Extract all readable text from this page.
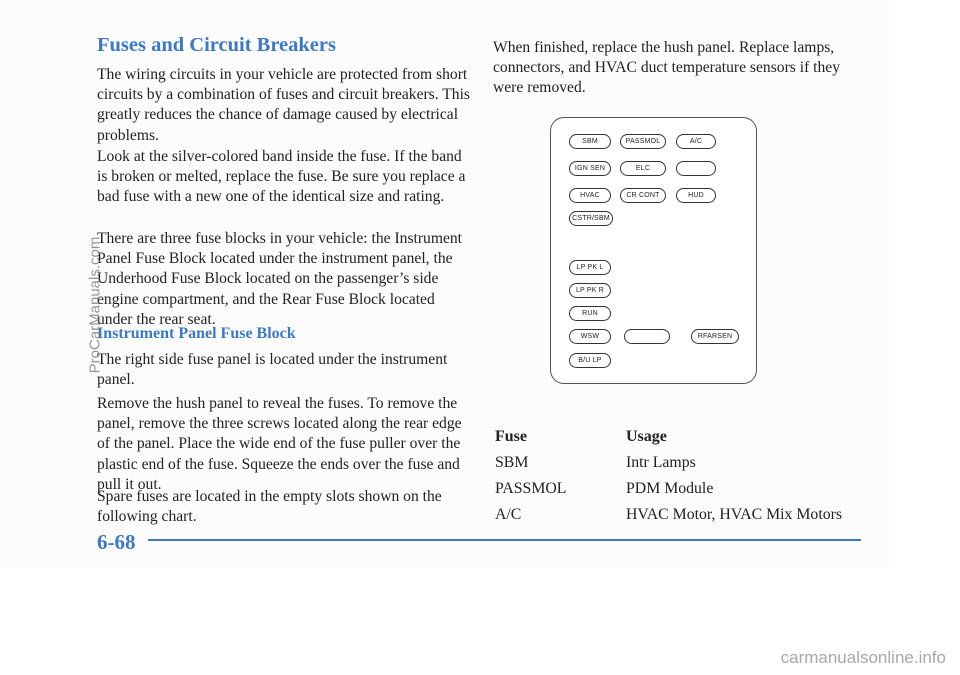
Fuses and Circuit Breakers

The wiring circuits in your vehicle are protected from short circuits by a combination of fuses and circuit breakers. This greatly reduces the chance of damage caused by electrical problems.

Look at the silver-colored band inside the fuse. If the band is broken or melted, replace the fuse. Be sure you replace a bad fuse with a new one of the identical size and rating.

There are three fuse blocks in your vehicle: the Instrument Panel Fuse Block located under the instrument panel, the Underhood Fuse Block located on the passenger’s side engine compartment, and the Rear Fuse Block located under the rear seat.

Instrument Panel Fuse Block

The right side fuse panel is located under the instrument panel.

Remove the hush panel to reveal the fuses. To remove the panel, remove the three screws located along the rear edge of the panel. Place the wide end of the fuse puller over the plastic end of the fuse. Squeeze the ends over the fuse and pull it out.

Spare fuses are located in the empty slots shown on the following chart.

When finished, replace the hush panel. Replace lamps, connectors, and HVAC duct temperature sensors if they were removed.

SBM	PASSMOL	A/C
IGN SEN	ELC
HVAC	CR CONT	HUD
CSTR/SBM
LP PK L
LP PK R
RUN
WSW	RFARSEN
B/U LP
Fuse	Usage
SBM	Intr Lamps
PASSMOL	PDM Module
A/C	HVAC Motor, HVAC Mix Motors
6-68
ProCarManuals.com
carmanualsonline.info
